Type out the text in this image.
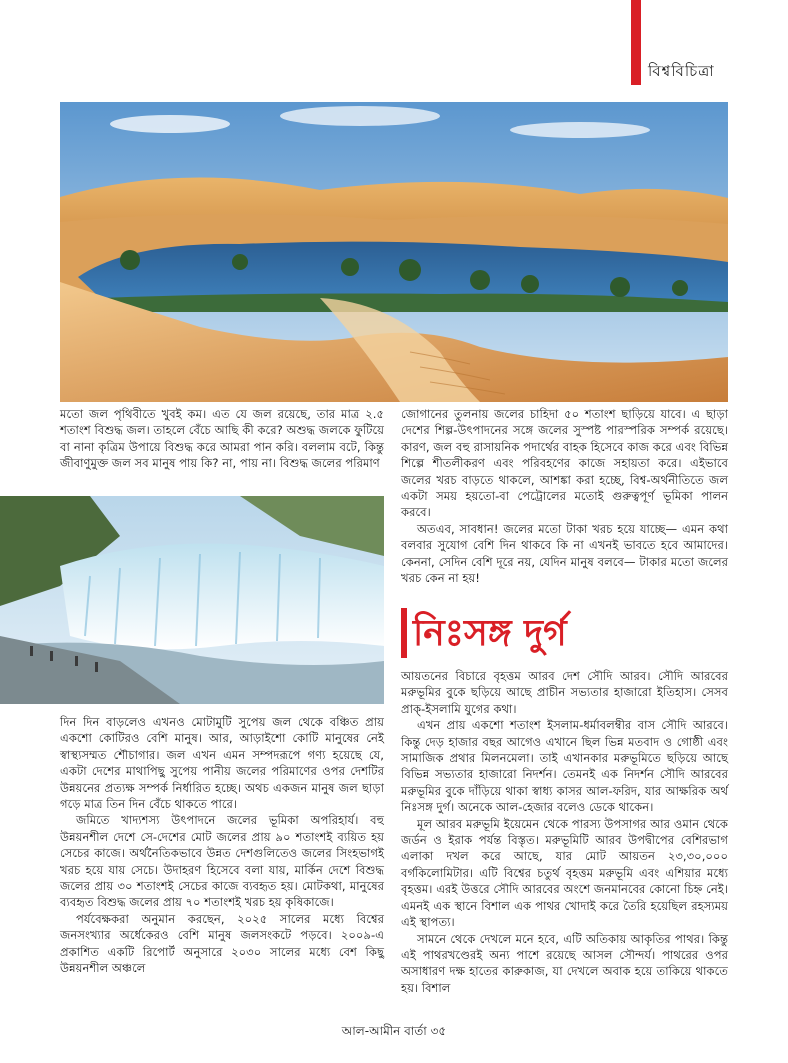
বিশ্ববিচিত্রা

মতো জল পৃথিবীতে খুবই কম। এত যে জল রয়েছে, তার মাত্র ২.৫ শতাংশ বিশুদ্ধ জল। তাহলে বেঁচে আছি কী করে? অশুদ্ধ জলকে ফুটিয়ে বা নানা কৃত্রিম উপায়ে বিশুদ্ধ করে আমরা পান করি। বললাম বটে, কিন্তু জীবাণুমুক্ত জল সব মানুষ পায় কি? না, পায় না। বিশুদ্ধ জলের পরিমাণ

দিন দিন বাড়লেও এখনও মোটামুটি সুপেয় জল থেকে বঞ্চিত প্রায় একশো কোটিরও বেশি মানুষ। আর, আড়াইশো কোটি মানুষের নেই স্বাস্থ্যসম্মত শৌচাগার। জল এখন এমন সম্পদরূপে গণ্য হয়েছে যে, একটা দেশের মাথাপিছু সুপেয় পানীয় জলের পরিমাণের ওপর দেশটির উন্নয়নের প্রত্যক্ষ সম্পর্ক নির্ধারিত হচ্ছে। অথচ একজন মানুষ জল ছাড়া গড়ে মাত্র তিন দিন বেঁচে থাকতে পারে।

জমিতে খাদ্যশস্য উৎপাদনে জলের ভূমিকা অপরিহার্য। বহু উন্নয়নশীল দেশে সে-দেশের মোট জলের প্রায় ৯০ শতাংশই ব্যয়িত হয় সেচের কাজে। অর্থনৈতিকভাবে উন্নত দেশগুলিতেও জলের সিংহভাগই খরচ হয়ে যায় সেচে। উদাহরণ হিসেবে বলা যায়, মার্কিন দেশে বিশুদ্ধ জলের প্রায় ৩০ শতাংশই সেচের কাজে ব্যবহৃত হয়। মোটকথা, মানুষের ব্যবহৃত বিশুদ্ধ জলের প্রায় ৭০ শতাংশই খরচ হয় কৃষিকাজে।

পর্যবেক্ষকরা অনুমান করছেন, ২০২৫ সালের মধ্যে বিশ্বের জনসংখ্যার অর্ধেকেরও বেশি মানুষ জলসংকটে পড়বে। ২০০৯-এ প্রকাশিত একটি রিপোর্ট অনুসারে ২০৩০ সালের মধ্যে বেশ কিছু উন্নয়নশীল অঞ্চলে

জোগানের তুলনায় জলের চাহিদা ৫০ শতাংশ ছাড়িয়ে যাবে। এ ছাড়া দেশের শিল্প-উৎপাদনের সঙ্গে জলের সুস্পষ্ট পারস্পরিক সম্পর্ক রয়েছে। কারণ, জল বহু রাসায়নিক পদার্থের বাহক হিসেবে কাজ করে এবং বিভিন্ন শিল্পে শীতলীকরণ এবং পরিবহণের কাজে সহায়তা করে। এইভাবে জলের খরচ বাড়তে থাকলে, আশঙ্কা করা হচ্ছে, বিশ্ব-অর্থনীতিতে জল একটা সময় হয়তো-বা পেট্রোলের মতোই গুরুত্বপূর্ণ ভূমিকা পালন করবে।

অতএব, সাবধান! জলের মতো টাকা খরচ হয়ে যাচ্ছে— এমন কথা বলবার সুযোগ বেশি দিন থাকবে কি না এখনই ভাবতে হবে আমাদের। কেননা, সেদিন বেশি দূরে নয়, যেদিন মানুষ বলবে— টাকার মতো জলের খরচ কেন না হয়!

নিঃসঙ্গ দুর্গ

আয়তনের বিচারে বৃহত্তম আরব দেশ সৌদি আরব। সৌদি আরবের মরুভূমির বুকে ছড়িয়ে আছে প্রাচীন সভ্যতার হাজারো ইতিহাস। সেসব প্রাক্‌-ইসলামি যুগের কথা।

এখন প্রায় একশো শতাংশ ইসলাম-ধর্মাবলম্বীর বাস সৌদি আরবে। কিন্তু দেড় হাজার বছর আগেও এখানে ছিল ভিন্ন মতবাদ ও গোষ্ঠী এবং সামাজিক প্রথার মিলনমেলা। তাই এখানকার মরুভূমিতে ছড়িয়ে আছে বিভিন্ন সভ্যতার হাজারো নিদর্শন। তেমনই এক নিদর্শন সৌদি আরবের মরুভূমির বুকে দাঁড়িয়ে থাকা স্বাধ্য কাসর আল-ফরিদ, যার আক্ষরিক অর্থ নিঃসঙ্গ দুর্গ। অনেকে আল-হেজার বলেও ডেকে থাকেন।

মূল আরব মরুভূমি ইয়েমেন থেকে পারস্য উপসাগর আর ওমান থেকে জর্ডন ও ইরাক পর্যন্ত বিস্তৃত। মরুভূমিটি আরব উপদ্বীপের বেশিরভাগ এলাকা দখল করে আছে, যার মোট আয়তন ২৩,৩০,০০০ বর্গকিলোমিটার। এটি বিশ্বের চতুর্থ বৃহত্তম মরুভূমি এবং এশিয়ার মধ্যে বৃহত্তম। এরই উত্তরে সৌদি আরবের অংশে জনমানবের কোনো চিহ্ন নেই। এমনই এক স্থানে বিশাল এক পাথর খোদাই করে তৈরি হয়েছিল রহস্যময় এই স্থাপত্য।

সামনে থেকে দেখলে মনে হবে, এটি অতিকায় আকৃতির পাথর। কিন্তু এই পাথরখণ্ডেরই অন্য পাশে রয়েছে আসল সৌন্দর্য। পাথরের ওপর অসাধারণ দক্ষ হাতের কারুকাজ, যা দেখলে অবাক হয়ে তাকিয়ে থাকতে হয়। বিশাল

আল-আমীন বার্তা ৩৫
